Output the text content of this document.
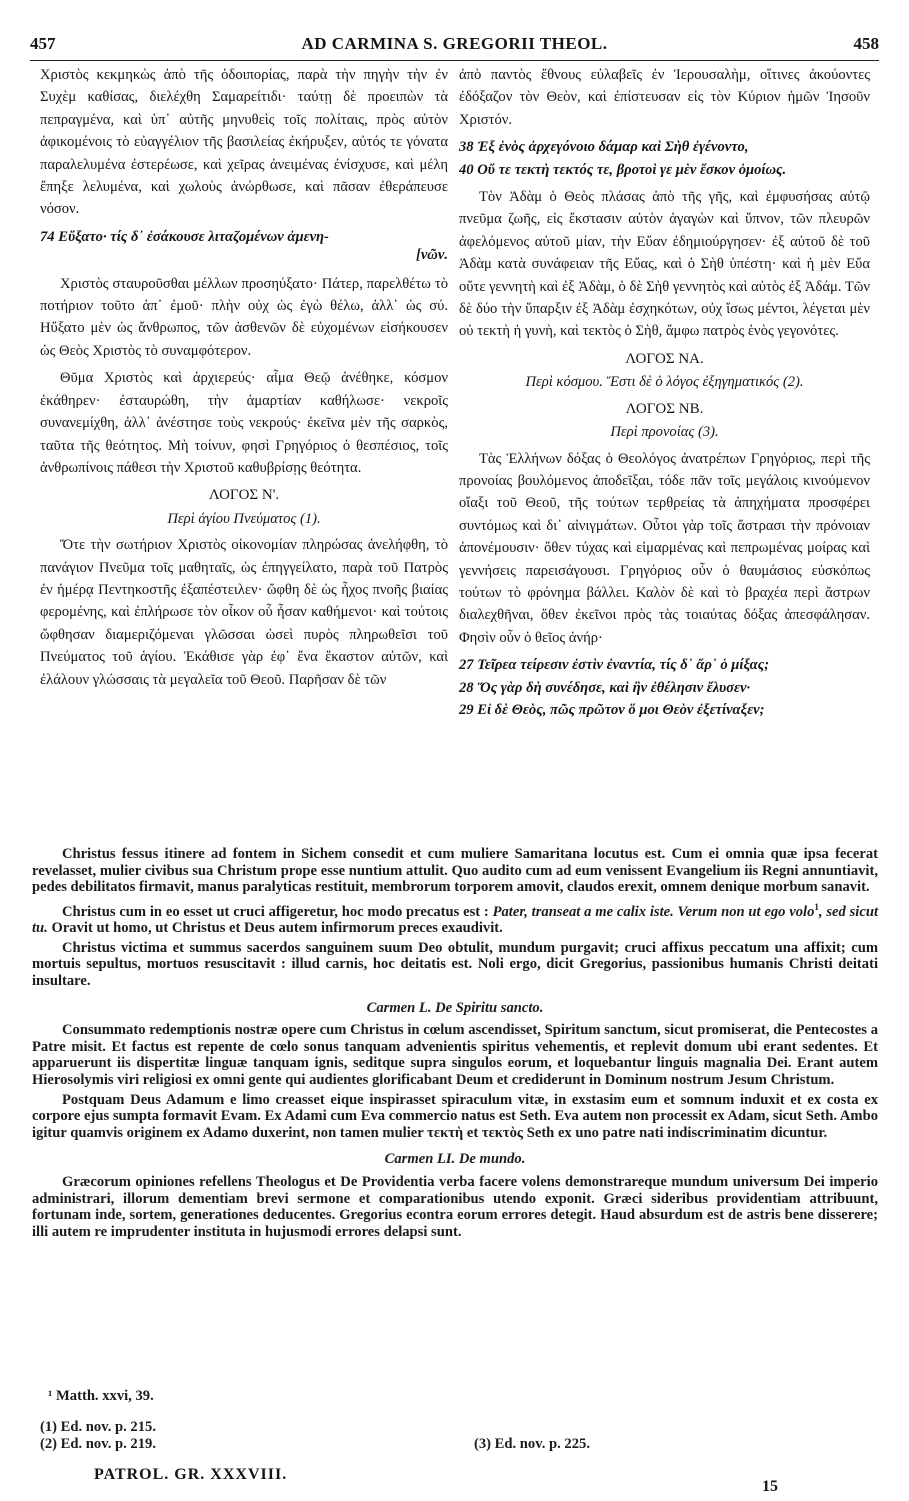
457	AD CARMINA S. GREGORII THEOL.	458

Χριστὸς κεκμηκὼς ἀπὸ τῆς ὁδοιπορίας, παρὰ τὴν πηγὴν τὴν ἐν Συχὲμ καθίσας, διελέχθη Σαμαρείτιδι· ταύτῃ δὲ προειπὼν τὰ πεπραγμένα, καὶ ὑπ᾽ αὐτῆς μηνυθεὶς τοῖς πολίταις, πρὸς αὐτὸν ἀφικομένοις τὸ εὐαγγέλιον τῆς βασιλείας ἐκήρυξεν, αὐτός τε γόνατα παραλελυμένα ἐστερέωσε, καὶ χεῖρας ἀνειμένας ἐνίσχυσε, καὶ μέλη ἔπηξε λελυμένα, καὶ χωλοὺς ἀνώρθωσε, καὶ πᾶσαν ἐθεράπευσε νόσον.

74 Εὔξατο· τίς δ᾽ ἐσάκουσε λιταζομένων ἀμενη-

[νῶν.

Χριστὸς σταυροῦσθαι μέλλων προσηύξατο· Πάτερ, παρελθέτω τὸ ποτήριον τοῦτο ἀπ᾽ ἐμοῦ· πλὴν οὐχ ὡς ἐγὼ θέλω, ἀλλ᾽ ὡς σύ. Ηὔξατο μὲν ὡς ἄνθρωπος, τῶν ἀσθενῶν δὲ εὐχομένων εἰσήκουσεν ὡς Θεὸς Χριστὸς τὸ συναμφότερον.

Θῦμα Χριστὸς καὶ ἀρχιερεύς· αἷμα Θεῷ ἀνέθηκε, κόσμον ἐκάθηρεν· ἐσταυρώθη, τὴν ἁμαρτίαν καθήλωσε· νεκροῖς συνανεμίχθη, ἀλλ᾽ ἀνέστησε τοὺς νεκρούς· ἐκεῖνα μὲν τῆς σαρκὸς, ταῦτα τῆς θεότητος. Μὴ τοίνυν, φησὶ Γρηγόριος ὁ θεσπέσιος, τοῖς ἀνθρωπίνοις πάθεσι τὴν Χριστοῦ καθυβρίσῃς θεότητα.

ΛΟΓΟΣ Ν'.

Περὶ ἁγίου Πνεύματος (1).

Ὅτε τὴν σωτήριον Χριστὸς οἰκονομίαν πληρώσας ἀνελήφθη, τὸ πανάγιον Πνεῦμα τοῖς μαθηταῖς, ὡς ἐπηγγείλατο, παρὰ τοῦ Πατρὸς ἐν ἡμέρᾳ Πεντηκοστῆς ἐξαπέστειλεν· ὤφθη δὲ ὡς ἦχος πνοῆς βιαίας φερομένης, καὶ ἐπλήρωσε τὸν οἶκον οὗ ἦσαν καθήμενοι· καὶ τούτοις ὤφθησαν διαμεριζόμεναι γλῶσσαι ὡσεὶ πυρὸς πληρωθεῖσι τοῦ Πνεύματος τοῦ ἁγίου. Ἐκάθισε γὰρ ἐφ᾽ ἕνα ἕκαστον αὐτῶν, καὶ ἐλάλουν γλώσσαις τὰ μεγαλεῖα τοῦ Θεοῦ. Παρῆσαν δὲ τῶν

ἀπὸ παντὸς ἔθνους εὐλαβεῖς ἐν Ἱερουσαλὴμ, οἵτινες ἀκούοντες ἐδόξαζον τὸν Θεὸν, καὶ ἐπίστευσαν εἰς τὸν Κύριον ἡμῶν Ἰησοῦν Χριστόν.

38 Ἐξ ἑνὸς ἀρχεγόνοιο δάμαρ καὶ Σὴθ ἐγένοντο,

40 Οὔ τε τεκτὴ τεκτός τε, βροτοὶ γε μὲν ἔσκον ὁμοίως.

Τὸν Ἀδὰμ ὁ Θεὸς πλάσας ἀπὸ τῆς γῆς, καὶ ἐμφυσήσας αὐτῷ πνεῦμα ζωῆς, εἰς ἔκστασιν αὐτὸν ἀγαγὼν καὶ ὕπνον, τῶν πλευρῶν ἀφελόμενος αὐτοῦ μίαν, τὴν Εὔαν ἐδημιούργησεν· ἐξ αὐτοῦ δὲ τοῦ Ἀδὰμ κατὰ συνάφειαν τῆς Εὔας, καὶ ὁ Σὴθ ὑπέστη· καὶ ἡ μὲν Εὔα οὔτε γεννητὴ καὶ ἐξ Ἀδὰμ, ὁ δὲ Σὴθ γεννητὸς καὶ αὐτὸς ἐξ Ἀδάμ. Τῶν δὲ δύο τὴν ὕπαρξιν ἐξ Ἀδὰμ ἐσχηκότων, οὐχ ἴσως μέντοι, λέγεται μὲν οὐ τεκτὴ ἡ γυνὴ, καὶ τεκτὸς ὁ Σὴθ, ἄμφω πατρὸς ἑνὸς γεγονότες.

ΛΟΓΟΣ ΝΑ.

Περὶ κόσμου. Ἔστι δὲ ὁ λόγος ἐξηγηματικός (2).

ΛΟΓΟΣ ΝΒ.

Περὶ προνοίας (3).

Τὰς Ἑλλήνων δόξας ὁ Θεολόγος ἀνατρέπων Γρηγόριος, περὶ τῆς προνοίας βουλόμενος ἀποδεῖξαι, τόδε πᾶν τοῖς μεγάλοις κινούμενον οἴαξι τοῦ Θεοῦ, τῆς τούτων τερθρείας τὰ ἀπηχήματα προσφέρει συντόμως καὶ δι᾽ αἰνιγμάτων. Οὗτοι γὰρ τοῖς ἄστρασι τὴν πρόνοιαν ἀπονέμουσιν· ὅθεν τύχας καὶ εἱμαρμένας καὶ πεπρωμένας μοίρας καὶ γεννήσεις παρεισάγουσι. Γρηγόριος οὖν ὁ θαυμάσιος εὐσκόπως τούτων τὸ φρόνημα βάλλει. Καλὸν δὲ καὶ τὸ βραχέα περὶ ἄστρων διαλεχθῆναι, ὅθεν ἐκεῖνοι πρὸς τὰς τοιαύτας δόξας ἀπεσφάλησαν. Φησὶν οὖν ὁ θεῖος ἀνήρ·

27 Τεῖρεα τείρεσιν ἐστὶν ἐναντία, τίς δ᾽ ἄρ᾽ ὁ μίξας;

28 Ὅς γὰρ δὴ συνέδησε, καὶ ἣν ἐθέλησιν ἔλυσεν·

29 Εἰ δὲ Θεὸς, πῶς πρῶτον ὅ μοι Θεὸν ἐξετίναξεν;

Christus fessus itinere ad fontem in Sichem consedit et cum muliere Samaritana locutus est. Cum ei omnia quæ ipsa fecerat revelasset, mulier civibus sua Christum prope esse nuntium attulit. Quo audito cum ad eum venissent Evangelium iis Regni annuntiavit, pedes debilitatos firmavit, manus paralyticas restituit, membrorum torporem amovit, claudos erexit, omnem denique morbum sanavit.

Christus cum in eo esset ut cruci affigeretur, hoc modo precatus est : Pater, transeat a me calix iste. Verum non ut ego volo$^1$, sed sicut tu. Oravit ut homo, ut Christus et Deus autem infirmorum preces exaudivit.

Christus victima et summus sacerdos sanguinem suum Deo obtulit, mundum purgavit; cruci affixus peccatum una affixit; cum mortuis sepultus, mortuos resuscitavit : illud carnis, hoc deitatis est. Noli ergo, dicit Gregorius, passionibus humanis Christi deitati insultare.

Carmen L. De Spiritu sancto.

Consummato redemptionis nostræ opere cum Christus in cœlum ascendisset, Spiritum sanctum, sicut promiserat, die Pentecostes a Patre misit. Et factus est repente de cœlo sonus tanquam advenientis spiritus vehementis, et replevit domum ubi erant sedentes. Et apparuerunt iis dispertitæ linguæ tanquam ignis, seditque supra singulos eorum, et loquebantur linguis magnalia Dei. Erant autem Hierosolymis viri religiosi ex omni gente qui audientes glorificabant Deum et crediderunt in Dominum nostrum Jesum Christum.

Postquam Deus Adamum e limo creasset eique inspirasset spiraculum vitæ, in exstasim eum et somnum induxit et ex costa ex corpore ejus sumpta formavit Evam. Ex Adami cum Eva commercio natus est Seth. Eva autem non processit ex Adam, sicut Seth. Ambo igitur quamvis originem ex Adamo duxerint, non tamen mulier τεκτὴ et τεκτὸς Seth ex uno patre nati indiscriminatim dicuntur.

Carmen LI. De mundo.

Græcorum opiniones refellens Theologus et De Providentia verba facere volens demonstrareque mundum universum Dei imperio administrari, illorum dementiam brevi sermone et comparationibus utendo exponit. Græci sideribus providentiam attribuunt, fortunam inde, sortem, generationes deducentes. Gregorius econtra eorum errores detegit. Haud absurdum est de astris bene disserere; illi autem re imprudenter instituta in hujusmodi errores delapsi sunt.

¹ Matth. xxvi, 39.
(1) Ed. nov. p. 215.
(2) Ed. nov. p. 219.	(3) Ed. nov. p. 225.
PATROL. GR. XXXVIII.
15
